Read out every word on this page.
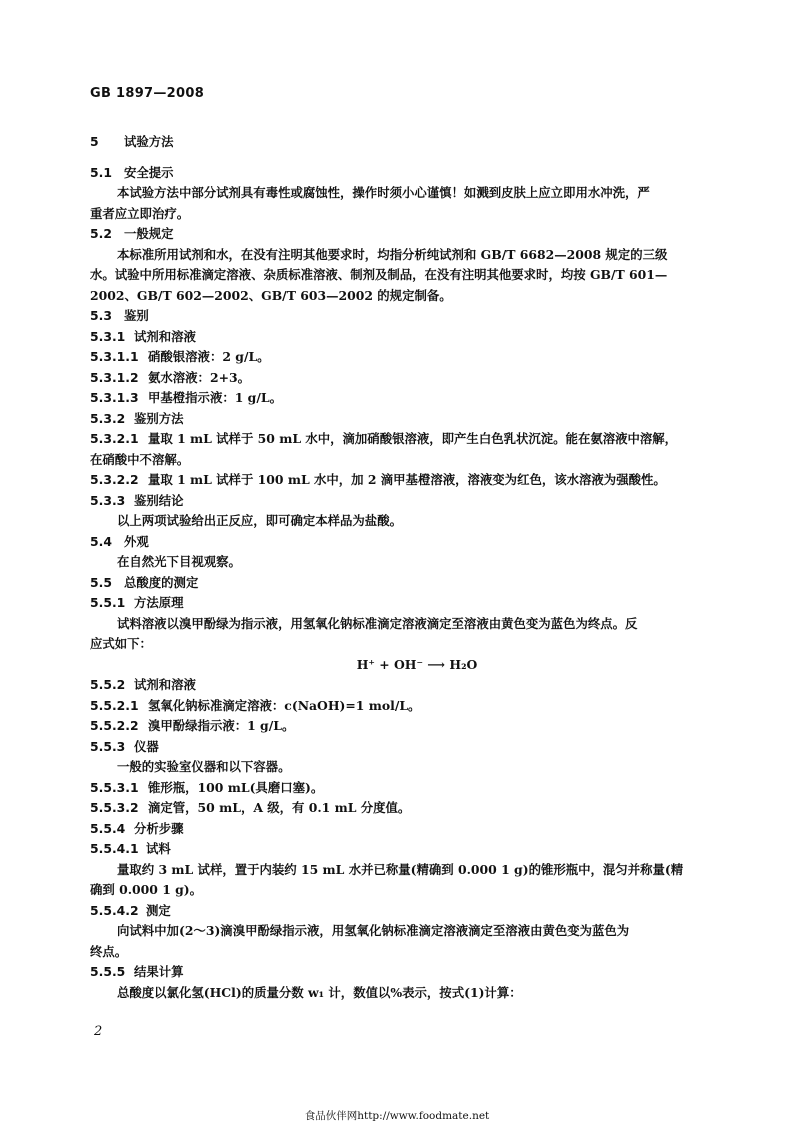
GB 1897—2008
5 试验方法
5.1 安全提示
本试验方法中部分试剂具有毒性或腐蚀性，操作时须小心谨慎！如溅到皮肤上应立即用水冲洗，严
重者应立即治疗。
5.2 一般规定
本标准所用试剂和水，在没有注明其他要求时，均指分析纯试剂和 GB/T 6682—2008 规定的三级
水。试验中所用标准滴定溶液、杂质标准溶液、制剂及制品，在没有注明其他要求时，均按 GB/T 601—
2002、GB/T 602—2002、GB/T 603—2002 的规定制备。
5.3 鉴别
5.3.1 试剂和溶液
5.3.1.1 硝酸银溶液：2 g/L。
5.3.1.2 氨水溶液：2+3。
5.3.1.3 甲基橙指示液：1 g/L。
5.3.2 鉴别方法
5.3.2.1 量取 1 mL 试样于 50 mL 水中，滴加硝酸银溶液，即产生白色乳状沉淀。能在氨溶液中溶解，
在硝酸中不溶解。
5.3.2.2 量取 1 mL 试样于 100 mL 水中，加 2 滴甲基橙溶液，溶液变为红色，该水溶液为强酸性。
5.3.3 鉴别结论
以上两项试验给出正反应，即可确定本样品为盐酸。
5.4 外观
在自然光下目视观察。
5.5 总酸度的测定
5.5.1 方法原理
试料溶液以溴甲酚绿为指示液，用氢氧化钠标准滴定溶液滴定至溶液由黄色变为蓝色为终点。反
应式如下：
H⁺ + OH⁻ ⟶ H₂O
5.5.2 试剂和溶液
5.5.2.1 氢氧化钠标准滴定溶液：c(NaOH)=1 mol/L。
5.5.2.2 溴甲酚绿指示液：1 g/L。
5.5.3 仪器
一般的实验室仪器和以下容器。
5.5.3.1 锥形瓶，100 mL(具磨口塞)。
5.5.3.2 滴定管，50 mL，A 级，有 0.1 mL 分度值。
5.5.4 分析步骤
5.5.4.1 试料
量取约 3 mL 试样，置于内装约 15 mL 水并已称量(精确到 0.000 1 g)的锥形瓶中，混匀并称量(精
确到 0.000 1 g)。
5.5.4.2 测定
向试料中加(2～3)滴溴甲酚绿指示液，用氢氧化钠标准滴定溶液滴定至溶液由黄色变为蓝色为
终点。
5.5.5 结果计算
总酸度以氯化氢(HCl)的质量分数 w₁ 计，数值以%表示，按式(1)计算：
2
食品伙伴网http://www.foodmate.net
